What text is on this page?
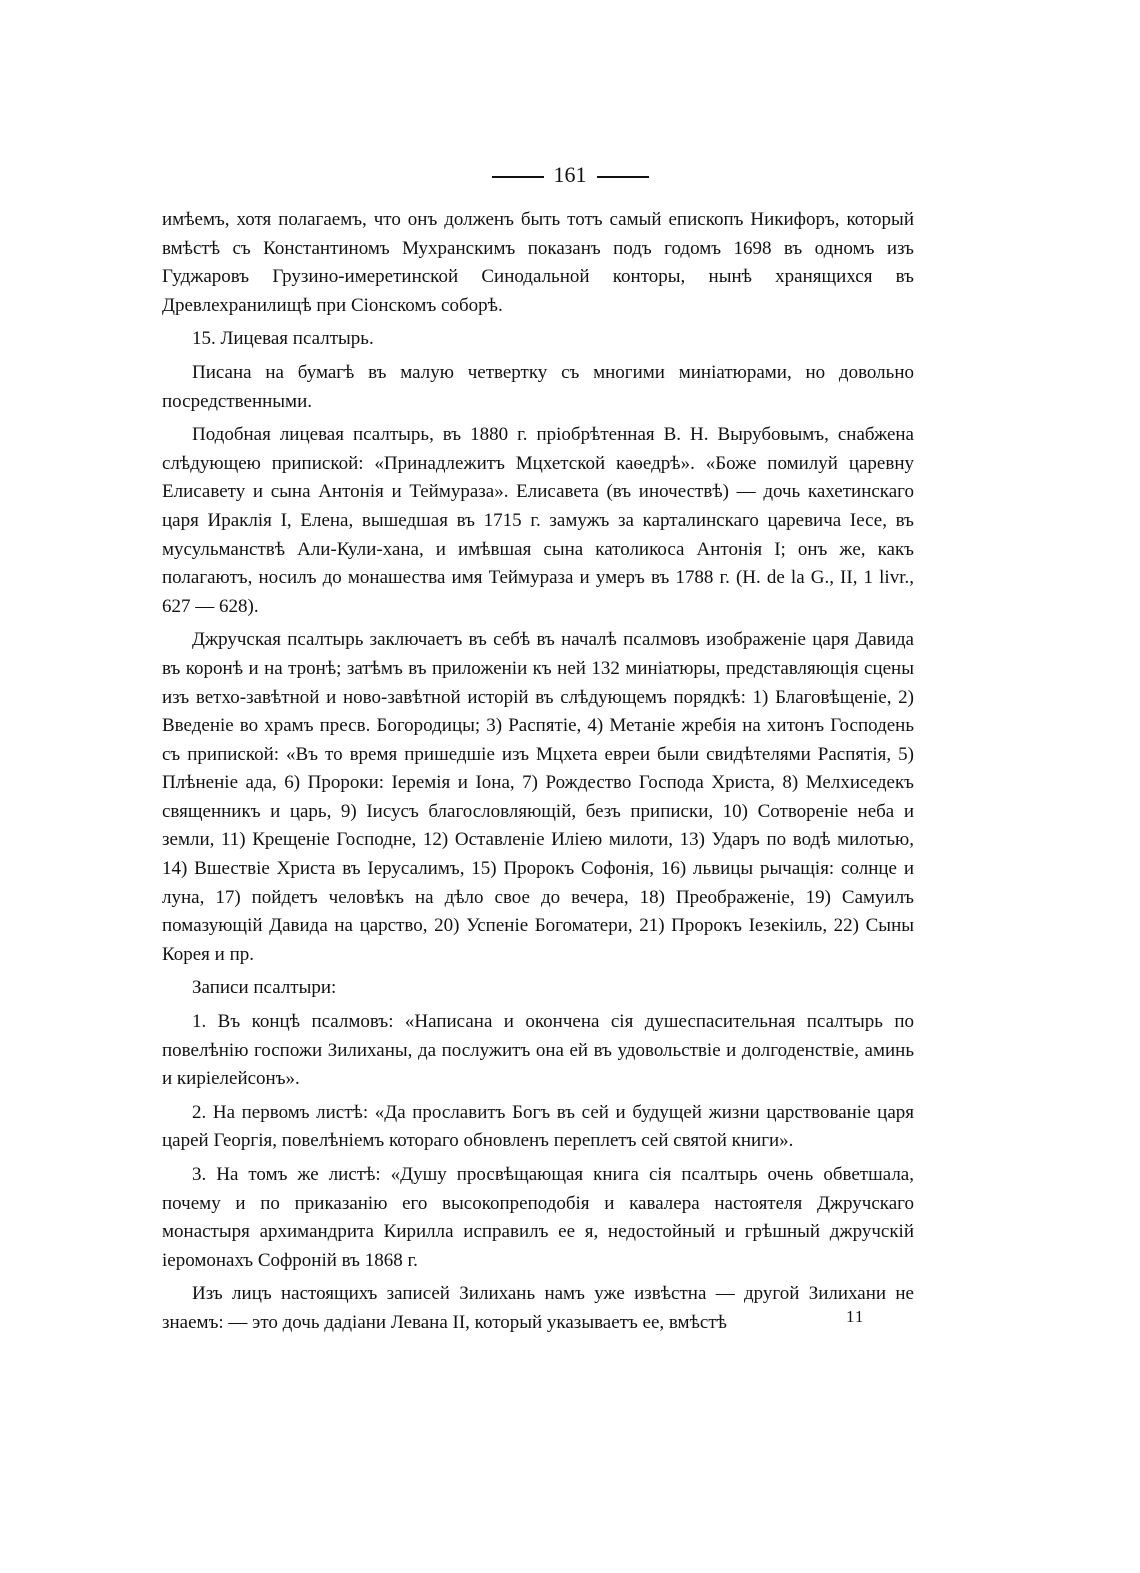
161

имѣемъ, хотя полагаемъ, что онъ долженъ быть тотъ самый епископъ Никифоръ, который вмѣстѣ съ Константиномъ Мухранскимъ показанъ подъ годомъ 1698 въ одномъ изъ Гуджаровъ Грузино-имеретинской Синодальной конторы, нынѣ хранящихся въ Древлехранилищѣ при Сіонскомъ соборѣ.

15. Лицевая псалтырь.

Писана на бумагѣ въ малую четвертку съ многими миніатюрами, но довольно посредственными.

Подобная лицевая псалтырь, въ 1880 г. пріобрѣтенная В. Н. Вырубовымъ, снабжена слѣдующею припиской: «Принадлежитъ Мцхетской каѳедрѣ». «Боже помилуй царевну Елисавету и сына Антонія и Теймураза». Елисавета (въ иночествѣ) — дочь кахетинскаго царя Ираклія I, Елена, вышедшая въ 1715 г. замужъ за карталинскаго царевича Іесе, въ мусульманствѣ Али-Кули-хана, и имѣвшая сына католикоса Антонія I; онъ же, какъ полагаютъ, носилъ до монашества имя Теймураза и умеръ въ 1788 г. (H. de la G., II, 1 livr., 627 — 628).

Джручская псалтырь заключаетъ въ себѣ въ началѣ псалмовъ изображеніе царя Давида въ коронѣ и на тронѣ; затѣмъ въ приложеніи къ ней 132 миніатюры, представляющія сцены изъ ветхо-завѣтной и ново-завѣтной исторій въ слѣдующемъ порядкѣ: 1) Благовѣщеніе, 2) Введеніе во храмъ пресв. Богородицы; 3) Распятіе, 4) Метаніе жребія на хитонъ Господень съ припиской: «Въ то время пришедшіе изъ Мцхета евреи были свидѣтелями Распятія, 5) Плѣненіе ада, 6) Пророки: Іеремія и Іона, 7) Рождество Господа Христа, 8) Мелхиседекъ священникъ и царь, 9) Іисусъ благословляющій, безъ приписки, 10) Сотвореніе неба и земли, 11) Крещеніе Господне, 12) Оставленіе Иліею милоти, 13) Ударъ по водѣ милотью, 14) Вшествіе Христа въ Іерусалимъ, 15) Пророкъ Софонія, 16) львицы рычащія: солнце и луна, 17) пойдетъ человѣкъ на дѣло свое до вечера, 18) Преображеніе, 19) Самуилъ помазующій Давида на царство, 20) Успеніе Богоматери, 21) Пророкъ Іезекіиль, 22) Сыны Корея и пр.

Записи псалтыри:

1. Въ концѣ псалмовъ: «Написана и окончена сія душеспасительная псалтырь по повелѣнію госпожи Зилиханы, да послужитъ она ей въ удовольствіе и долгоденствіе, аминь и киріелейсонъ».

2. На первомъ листѣ: «Да прославитъ Богъ въ сей и будущей жизни царствованіе царя царей Георгія, повелѣніемъ котораго обновленъ переплетъ сей святой книги».

3. На томъ же листѣ: «Душу просвѣщающая книга сія псалтырь очень обветшала, почему и по приказанію его высокопреподобія и кавалера настоятеля Джручскаго монастыря архимандрита Кирилла исправилъ ее я, недостойный и грѣшный джручскій іеромонахъ Софроній въ 1868 г.

Изъ лицъ настоящихъ записей Зилихань намъ уже извѣстна — другой Зилихани не знаемъ: — это дочь дадіани Левана II, который указываетъ ее, вмѣстѣ	11
